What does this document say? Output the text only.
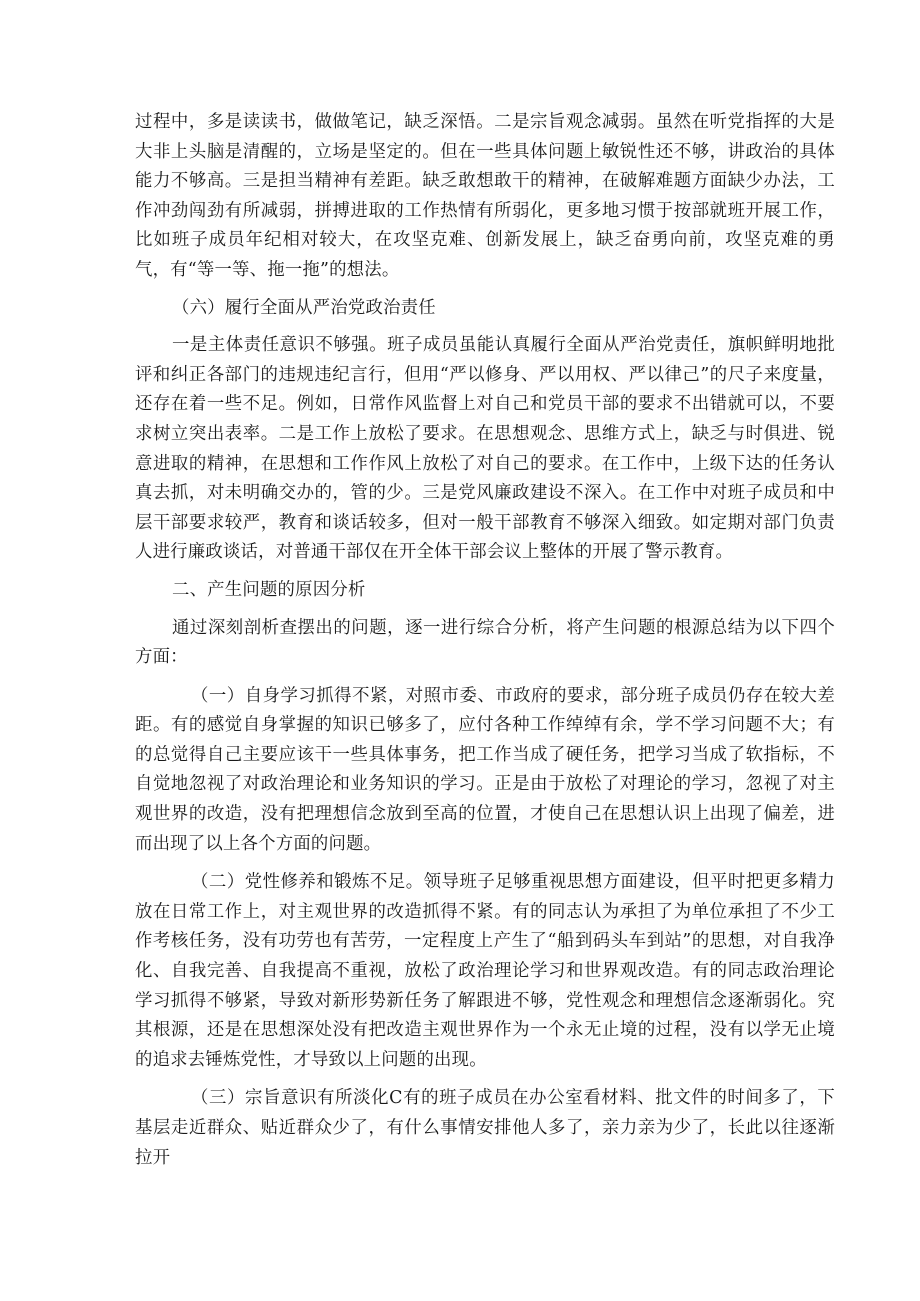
过程中，多是读读书，做做笔记，缺乏深悟。二是宗旨观念减弱。虽然在听党指挥的大是大非上头脑是清醒的，立场是坚定的。但在一些具体问题上敏锐性还不够，讲政治的具体能力不够高。三是担当精神有差距。缺乏敢想敢干的精神，在破解难题方面缺少办法，工作冲劲闯劲有所减弱，拼搏进取的工作热情有所弱化，更多地习惯于按部就班开展工作，比如班子成员年纪相对较大，在攻坚克难、创新发展上，缺乏奋勇向前，攻坚克难的勇气，有“等一等、拖一拖”的想法。

（六）履行全面从严治党政治责任

一是主体责任意识不够强。班子成员虽能认真履行全面从严治党责任，旗帜鲜明地批评和纠正各部门的违规违纪言行，但用“严以修身、严以用权、严以律己”的尺子来度量，还存在着一些不足。例如，日常作风监督上对自己和党员干部的要求不出错就可以，不要求树立突出表率。二是工作上放松了要求。在思想观念、思维方式上，缺乏与时俱进、锐意进取的精神，在思想和工作作风上放松了对自己的要求。在工作中，上级下达的任务认真去抓，对未明确交办的，管的少。三是党风廉政建设不深入。在工作中对班子成员和中层干部要求较严，教育和谈话较多，但对一般干部教育不够深入细致。如定期对部门负责人进行廉政谈话，对普通干部仅在开全体干部会议上整体的开展了警示教育。

二、产生问题的原因分析

通过深刻剖析查摆出的问题，逐一进行综合分析，将产生问题的根源总结为以下四个方面：

（一）自身学习抓得不紧，对照市委、市政府的要求，部分班子成员仍存在较大差距。有的感觉自身掌握的知识已够多了，应付各种工作绰绰有余，学不学习问题不大；有的总觉得自己主要应该干一些具体事务，把工作当成了硬任务，把学习当成了软指标，不自觉地忽视了对政治理论和业务知识的学习。正是由于放松了对理论的学习，忽视了对主观世界的改造，没有把理想信念放到至高的位置，才使自己在思想认识上出现了偏差，进而出现了以上各个方面的问题。

（二）党性修养和锻炼不足。领导班子足够重视思想方面建设，但平时把更多精力放在日常工作上，对主观世界的改造抓得不紧。有的同志认为承担了为单位承担了不少工作考核任务，没有功劳也有苦劳，一定程度上产生了“船到码头车到站”的思想，对自我净化、自我完善、自我提高不重视，放松了政治理论学习和世界观改造。有的同志政治理论学习抓得不够紧，导致对新形势新任务了解跟进不够，党性观念和理想信念逐渐弱化。究其根源，还是在思想深处没有把改造主观世界作为一个永无止境的过程，没有以学无止境的追求去锤炼党性，才导致以上问题的出现。

（三）宗旨意识有所淡化C有的班子成员在办公室看材料、批文件的时间多了，下基层走近群众、贴近群众少了，有什么事情安排他人多了，亲力亲为少了，长此以往逐渐拉开
